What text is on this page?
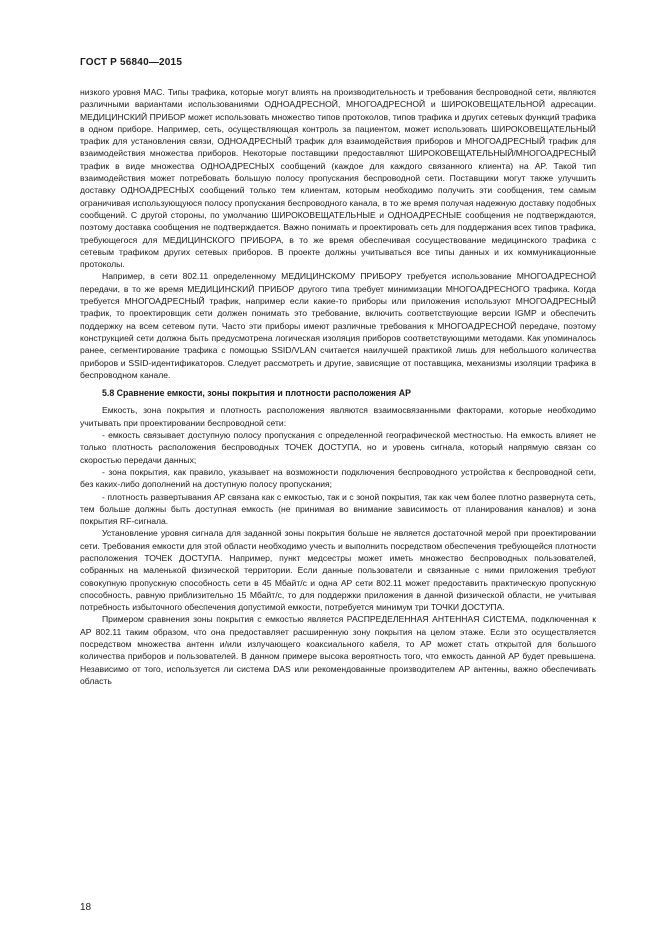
ГОСТ Р 56840—2015

низкого уровня MAC. Типы трафика, которые могут влиять на производительность и требования беспроводной сети, являются различными вариантами использованиями ОДНОАДРЕСНОЙ, МНОГОАДРЕСНОЙ и ШИРОКОВЕЩАТЕЛЬНОЙ адресации. МЕДИЦИНСКИЙ ПРИБОР может использовать множество типов протоколов, типов трафика и других сетевых функций трафика в одном приборе. Например, сеть, осуществляющая контроль за пациентом, может использовать ШИРОКОВЕЩАТЕЛЬНЫЙ трафик для установления связи, ОДНОАДРЕСНЫЙ трафик для взаимодействия приборов и МНОГОАДРЕСНЫЙ трафик для взаимодействия множества приборов. Некоторые поставщики предоставляют ШИРОКОВЕЩАТЕЛЬНЫЙ/МНОГОАДРЕСНЫЙ трафик в виде множества ОДНОАДРЕСНЫХ сообщений (каждое для каждого связанного клиента) на AP. Такой тип взаимодействия может потребовать большую полосу пропускания беспроводной сети. Поставщики могут также улучшить доставку ОДНОАДРЕСНЫХ сообщений только тем клиентам, которым необходимо получить эти сообщения, тем самым ограничивая использующуюся полосу пропускания беспроводного канала, в то же время получая надежную доставку подобных сообщений. С другой стороны, по умолчанию ШИРОКОВЕЩАТЕЛЬНЫЕ и ОДНОАДРЕСНЫЕ сообщения не подтверждаются, поэтому доставка сообщения не подтверждается. Важно понимать и проектировать сеть для поддержания всех типов трафика, требующегося для МЕДИЦИНСКОГО ПРИБОРА, в то же время обеспечивая сосуществование медицинского трафика с сетевым трафиком других сетевых приборов. В проекте должны учитываться все типы данных и их коммуникационные протоколы.

Например, в сети 802.11 определенному МЕДИЦИНСКОМУ ПРИБОРУ требуется использование МНОГОАДРЕСНОЙ передачи, в то же время МЕДИЦИНСКИЙ ПРИБОР другого типа требует минимизации МНОГОАДРЕСНОГО трафика. Когда требуется МНОГОАДРЕСНЫЙ трафик, например если какие-то приборы или приложения используют МНОГОАДРЕСНЫЙ трафик, то проектировщик сети должен понимать это требование, включить соответствующие версии IGMP и обеспечить поддержку на всем сетевом пути. Часто эти приборы имеют различные требования к МНОГОАДРЕСНОЙ передаче, поэтому конструкцией сети должна быть предусмотрена логическая изоляция приборов соответствующими методами. Как упоминалось ранее, сегментирование трафика с помощью SSID/VLAN считается наилучшей практикой лишь для небольшого количества приборов и SSID-идентификаторов. Следует рассмотреть и другие, зависящие от поставщика, механизмы изоляции трафика в беспроводном канале.

5.8 Сравнение емкости, зоны покрытия и плотности расположения AP

Емкость, зона покрытия и плотность расположения являются взаимосвязанными факторами, которые необходимо учитывать при проектировании беспроводной сети:

- емкость связывает доступную полосу пропускания с определенной географической местностью. На емкость влияет не только плотность расположения беспроводных ТОЧЕК ДОСТУПА, но и уровень сигнала, который напрямую связан со скоростью передачи данных;

- зона покрытия, как правило, указывает на возможности подключения беспроводного устройства к беспроводной сети, без каких-либо дополнений на доступную полосу пропускания;

- плотность развертывания AP связана как с емкостью, так и с зоной покрытия, так как чем более плотно развернута сеть, тем больше должны быть доступная емкость (не принимая во внимание зависимость от планирования каналов) и зона покрытия RF-сигнала.

Установление уровня сигнала для заданной зоны покрытия больше не является достаточной мерой при проектировании сети. Требования емкости для этой области необходимо учесть и выполнить посредством обеспечения требующейся плотности расположения ТОЧЕК ДОСТУПА. Например, пункт медсестры может иметь множество беспроводных пользователей, собранных на маленькой физической территории. Если данные пользователи и связанные с ними приложения требуют совокупную пропускную способность сети в 45 Мбайт/с и одна AP сети 802.11 может предоставить практическую пропускную способность, равную приблизительно 15 Мбайт/с, то для поддержки приложения в данной физической области, не учитывая потребность избыточного обеспечения допустимой емкости, потребуется минимум три ТОЧКИ ДОСТУПА.

Примером сравнения зоны покрытия с емкостью является РАСПРЕДЕЛЕННАЯ АНТЕННАЯ СИСТЕМА, подключенная к AP 802.11 таким образом, что она предоставляет расширенную зону покрытия на целом этаже. Если это осуществляется посредством множества антенн и/или излучающего коаксиального кабеля, то AP может стать открытой для большого количества приборов и пользователей. В данном примере высока вероятность того, что емкость данной AP будет превышена. Независимо от того, используется ли система DAS или рекомендованные производителем AP антенны, важно обеспечивать область

18
